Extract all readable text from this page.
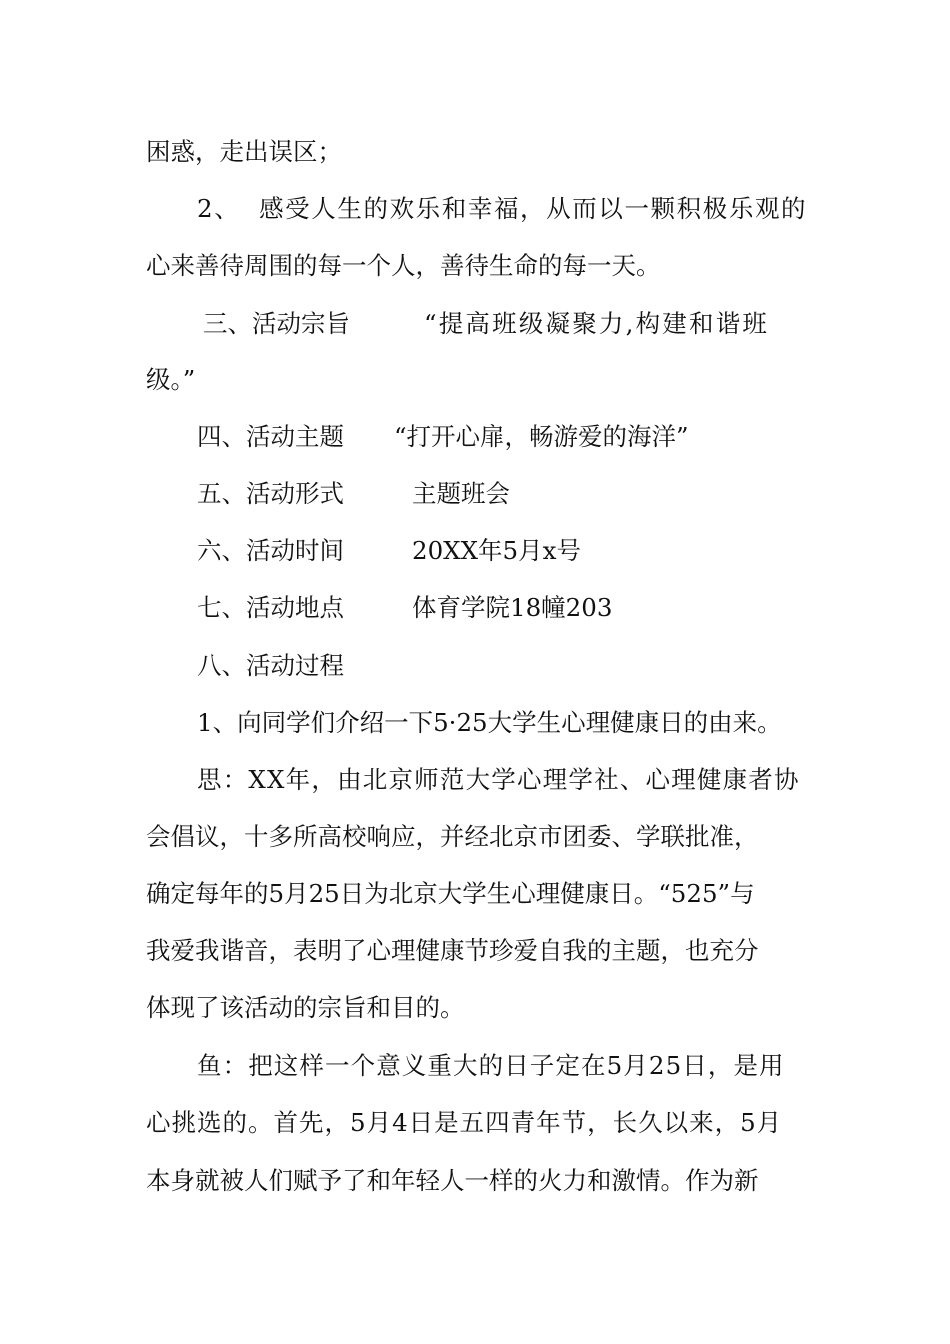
困惑，走出误区；

2、  感受人生的欢乐和幸福，从而以一颗积极乐观的

心来善待周围的每一个人，善待生命的每一天。

三、活动宗旨

	“提高班级凝聚力,构建和谐班

级。”

四、活动主题

“打开心扉，畅游爱的海洋”

五、活动形式

	主题班会

六、活动时间

	20XX年5月x号

七、活动地点

	体育学院18幢203

八、活动过程

1、向同学们介绍一下5·25大学生心理健康日的由来。

思：XX年，由北京师范大学心理学社、心理健康者协

会倡议，十多所高校响应，并经北京市团委、学联批准，

确定每年的5月25日为北京大学生心理健康日。“525”与

我爱我谐音，表明了心理健康节珍爱自我的主题，也充分

体现了该活动的宗旨和目的。

鱼：把这样一个意义重大的日子定在5月25日，是用

心挑选的。首先，5月4日是五四青年节，长久以来，5月

本身就被人们赋予了和年轻人一样的火力和激情。作为新
